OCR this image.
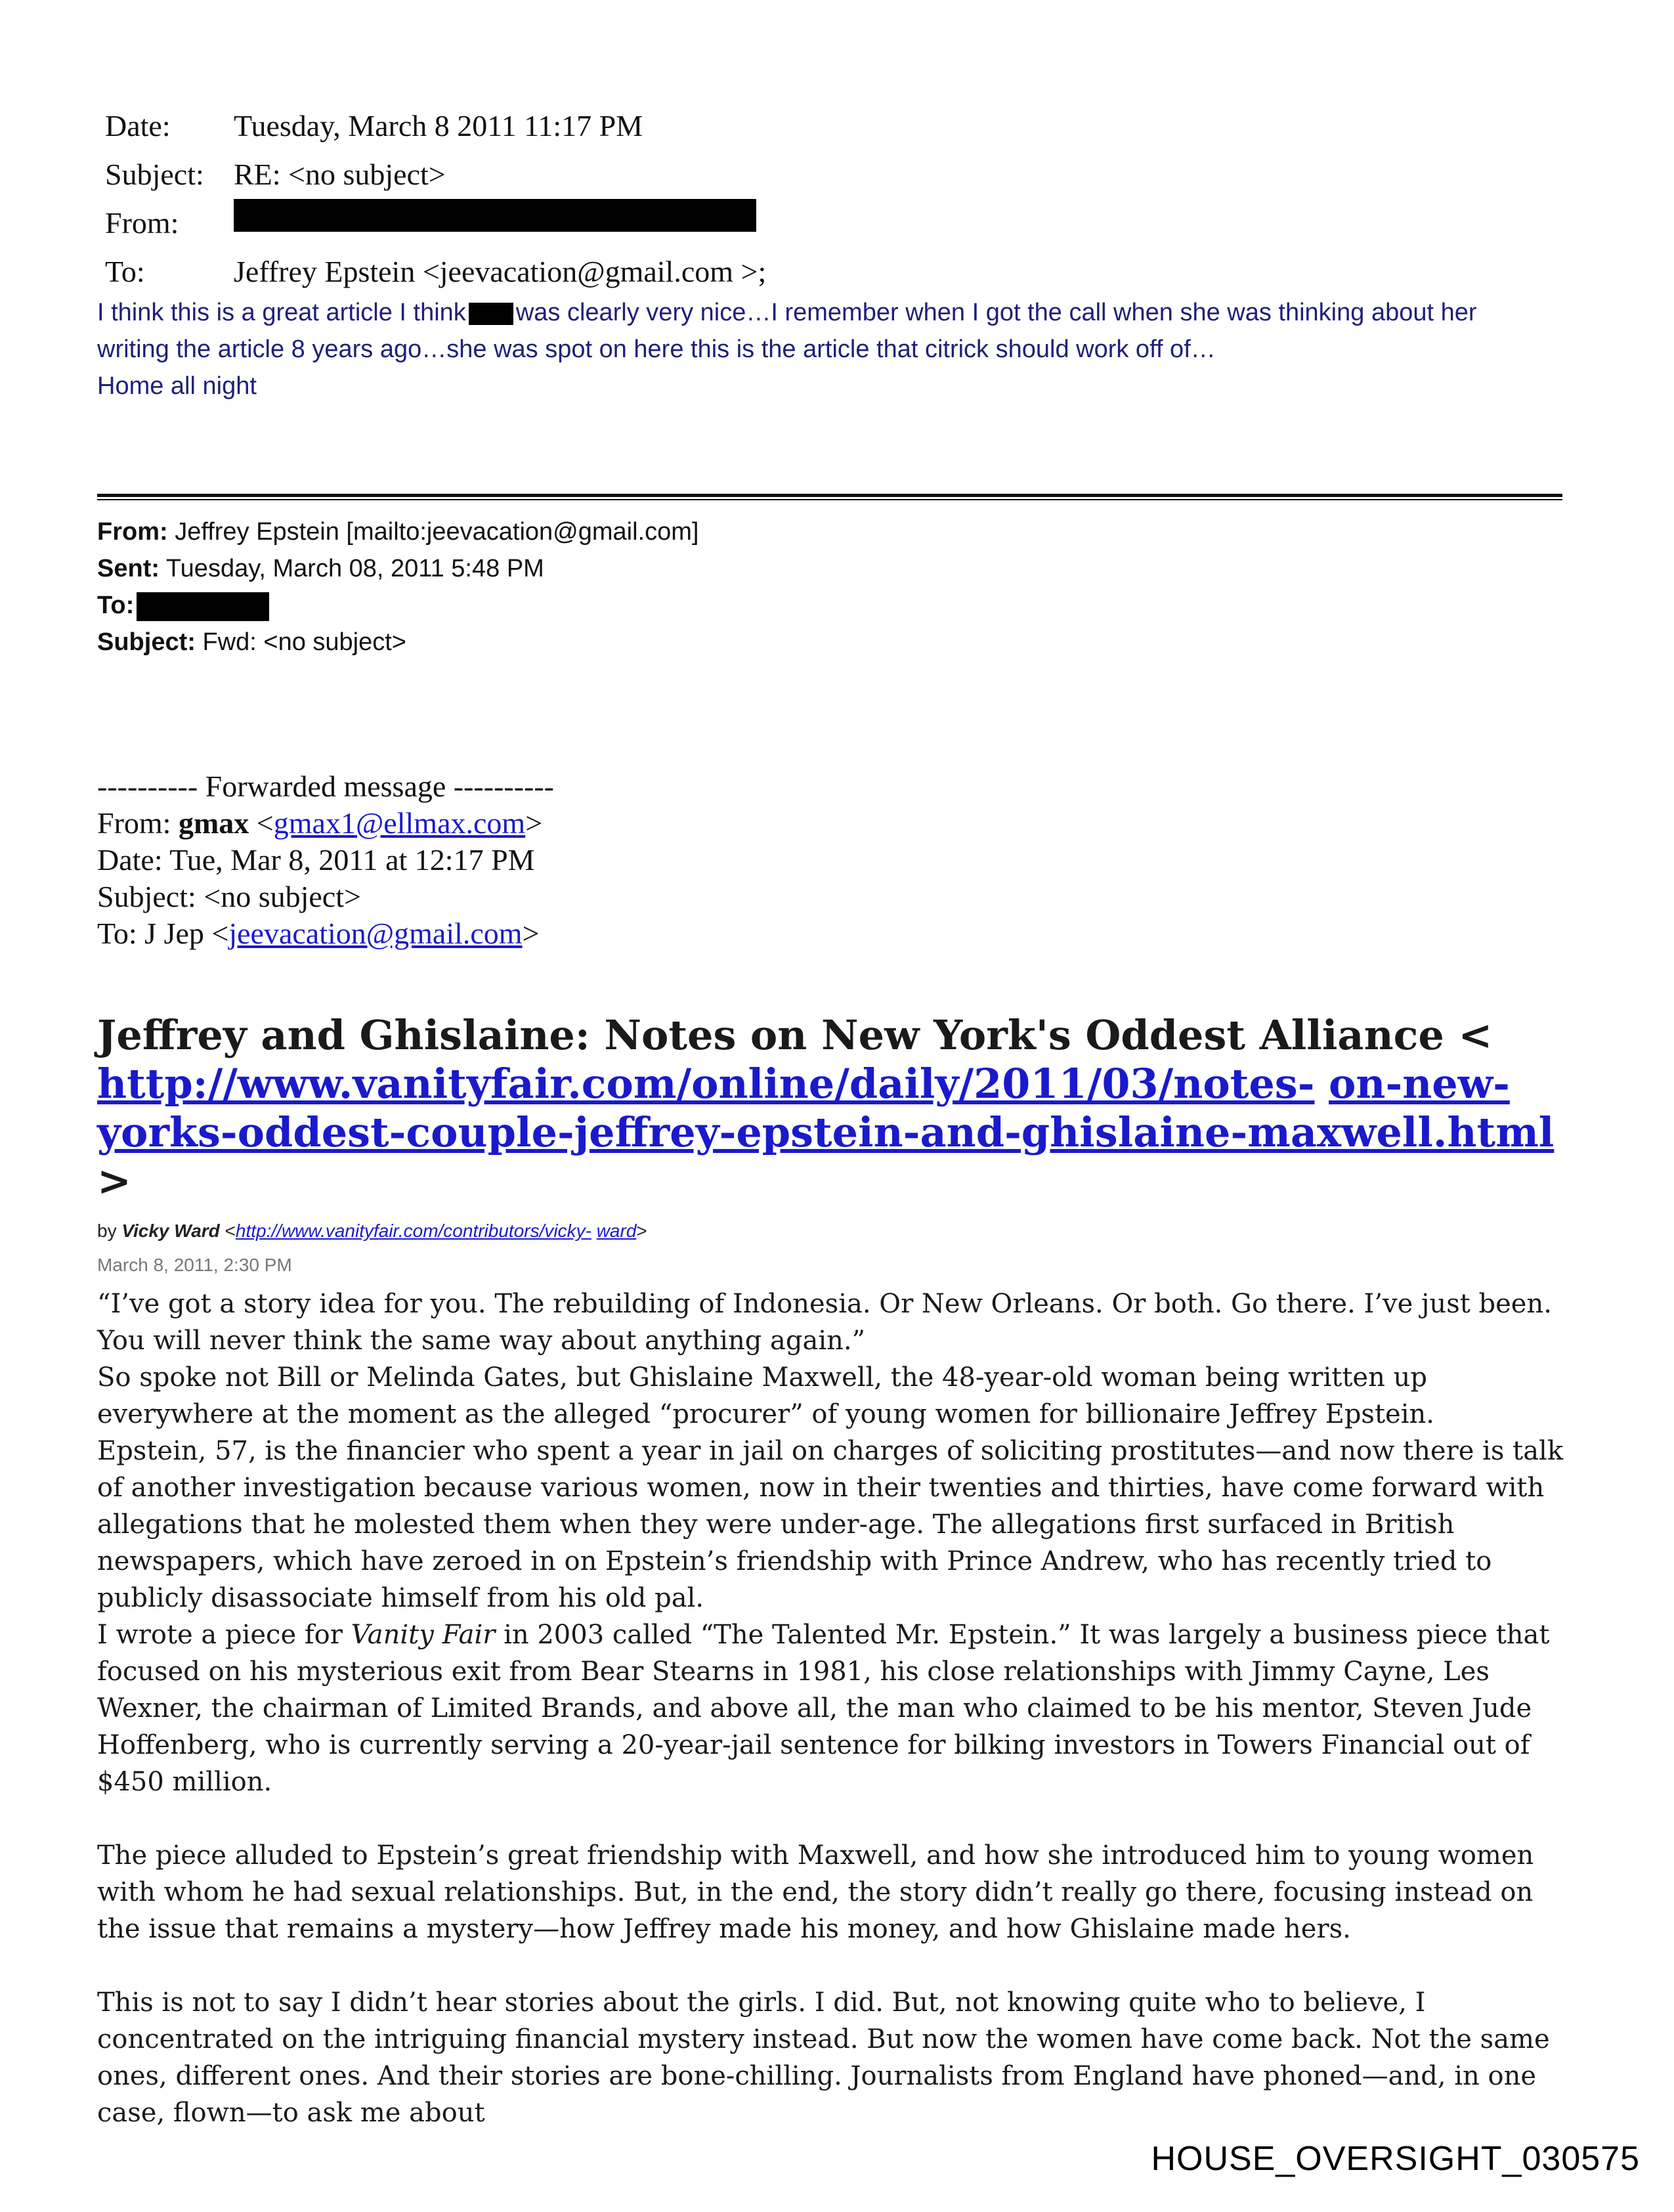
Date:	Tuesday, March 8 2011 11:17 PM
Subject: RE: <no subject>
From:
To:	Jeffrey Epstein <jeevacation@gmail.com >;
I think this is a great article I think was clearly very nice…I remember when I got the call when she was thinking about her
writing the article 8 years ago…she was spot on here this is the article that citrick should work off of…
Home all night
From: Jeffrey Epstein [mailto:jeevacation@gmail.com]
Sent: Tuesday, March 08, 2011 5:48 PM
To:
Subject: Fwd: <no subject>
---------- Forwarded message ----------
From: gmax <gmax1@ellmax.com>
Date: Tue, Mar 8, 2011 at 12:17 PM
Subject: <no subject>
To: J Jep <jeevacation@gmail.com>
Jeffrey and Ghislaine: Notes on New York's Oddest Alliance <
http://www.vanityfair.com/online/daily/2011/03/notes- on-new-
yorks-oddest-couple-jeffrey-epstein-and-ghislaine-maxwell.html
>
by Vicky Ward <http://www.vanityfair.com/contributors/vicky- ward>
March 8, 2011, 2:30 PM

“I’ve got a story idea for you. The rebuilding of Indonesia. Or New Orleans. Or both. Go there. I’ve just been. You will never think the same way about anything again.”

So spoke not Bill or Melinda Gates, but Ghislaine Maxwell, the 48-year-old woman being written up everywhere at the moment as the alleged “procurer” of young women for billionaire Jeffrey Epstein.

Epstein, 57, is the financier who spent a year in jail on charges of soliciting prostitutes—and now there is talk of another investigation because various women, now in their twenties and thirties, have come forward with allegations that he molested them when they were under-age. The allegations first surfaced in British newspapers, which have zeroed in on Epstein’s friendship with Prince Andrew, who has recently tried to publicly disassociate himself from his old pal.

I wrote a piece for Vanity Fair in 2003 called “The Talented Mr. Epstein.” It was largely a business piece that focused on his mysterious exit from Bear Stearns in 1981, his close relationships with Jimmy Cayne, Les Wexner, the chairman of Limited Brands, and above all, the man who claimed to be his mentor, Steven Jude Hoffenberg, who is currently serving a 20-year-jail sentence for bilking investors in Towers Financial out of $450 million.

The piece alluded to Epstein’s great friendship with Maxwell, and how she introduced him to young women with whom he had sexual relationships. But, in the end, the story didn’t really go there, focusing instead on the issue that remains a mystery—how Jeffrey made his money, and how Ghislaine made hers.

This is not to say I didn’t hear stories about the girls. I did. But, not knowing quite who to believe, I concentrated on the intriguing financial mystery instead. But now the women have come back. Not the same ones, different ones. And their stories are bone-chilling. Journalists from England have phoned—and, in one case, flown—to ask me about

HOUSE_OVERSIGHT_030575
